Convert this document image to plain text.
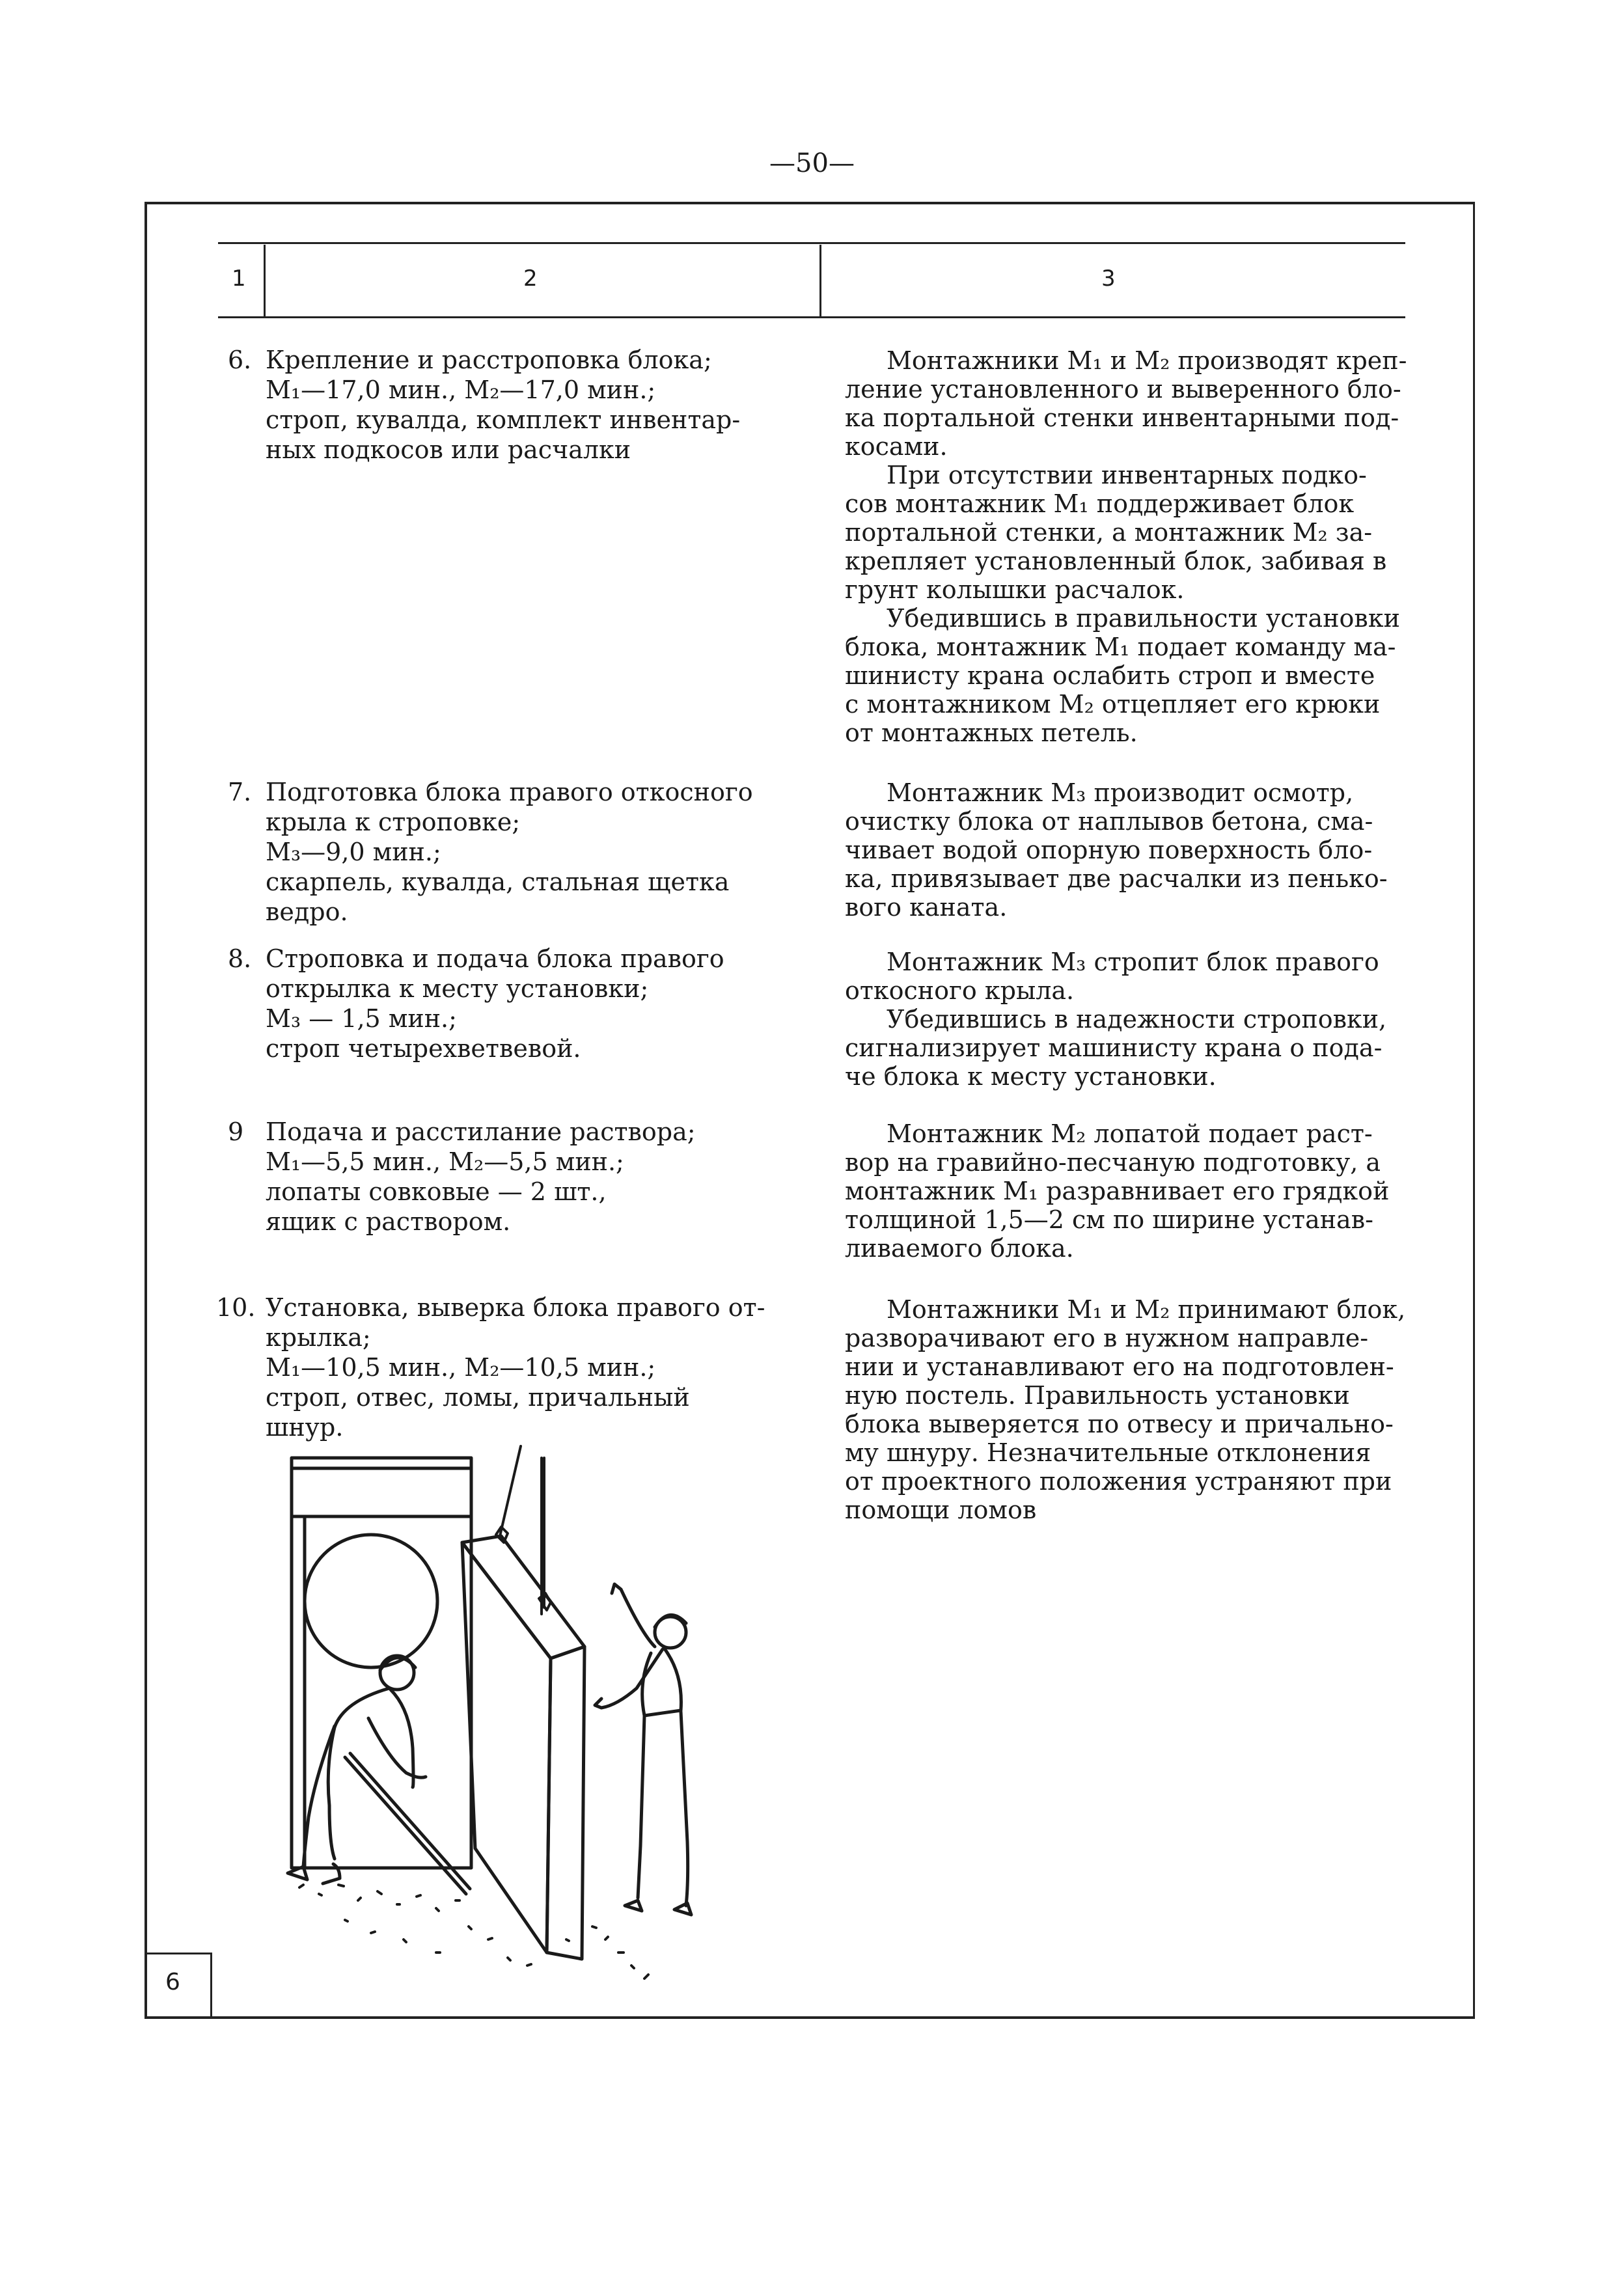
—50—
6
1	2	3
6. Крепление и расстроповка блока;
М₁—17,0 мин., М₂—17,0 мин.;
строп, кувалда, комплект инвентар-
ных подкосов или расчалки
Монтажники М₁ и М₂ производят креп-
ление установленного и выверенного бло-
ка портальной стенки инвентарными под-
косами.
При отсутствии инвентарных подко-
сов монтажник М₁ поддерживает блок
портальной стенки, а монтажник М₂ за-
крепляет установленный блок, забивая в
грунт колышки расчалок.
Убедившись в правильности установки
блока, монтажник М₁ подает команду ма-
шинисту крана ослабить строп и вместе
с монтажником М₂ отцепляет его крюки
от монтажных петель.
7. Подготовка блока правого откосного
крыла к строповке;
М₃—9,0 мин.;
скарпель, кувалда, стальная щетка
ведро.
Монтажник М₃ производит осмотр,
очистку блока от наплывов бетона, сма-
чивает водой опорную поверхность бло-
ка, привязывает две расчалки из пенько-
вого каната.
8. Строповка и подача блока правого
открылка к месту установки;
М₃ — 1,5 мин.;
строп четырехветвевой.
Монтажник М₃ стропит блок правого
откосного крыла.
Убедившись в надежности строповки,
сигнализирует машинисту крана о пода-
че блока к месту установки.
9 Подача и расстилание раствора;
М₁—5,5 мин., М₂—5,5 мин.;
лопаты совковые — 2 шт.,
ящик с раствором.
Монтажник М₂ лопатой подает раст-
вор на гравийно-песчаную подготовку, а
монтажник М₁ разравнивает его грядкой
толщиной 1,5—2 см по ширине устанав-
ливаемого блока.
10. Установка, выверка блока правого от-
крылка;
М₁—10,5 мин., М₂—10,5 мин.;
строп, отвес, ломы, причальный
шнур.
Монтажники М₁ и М₂ принимают блок,
разворачивают его в нужном направле-
нии и устанавливают его на подготовлен-
ную постель. Правильность установки
блока выверяется по отвесу и причально-
му шнуру. Незначительные отклонения
от проектного положения устраняют при
помощи ломов
